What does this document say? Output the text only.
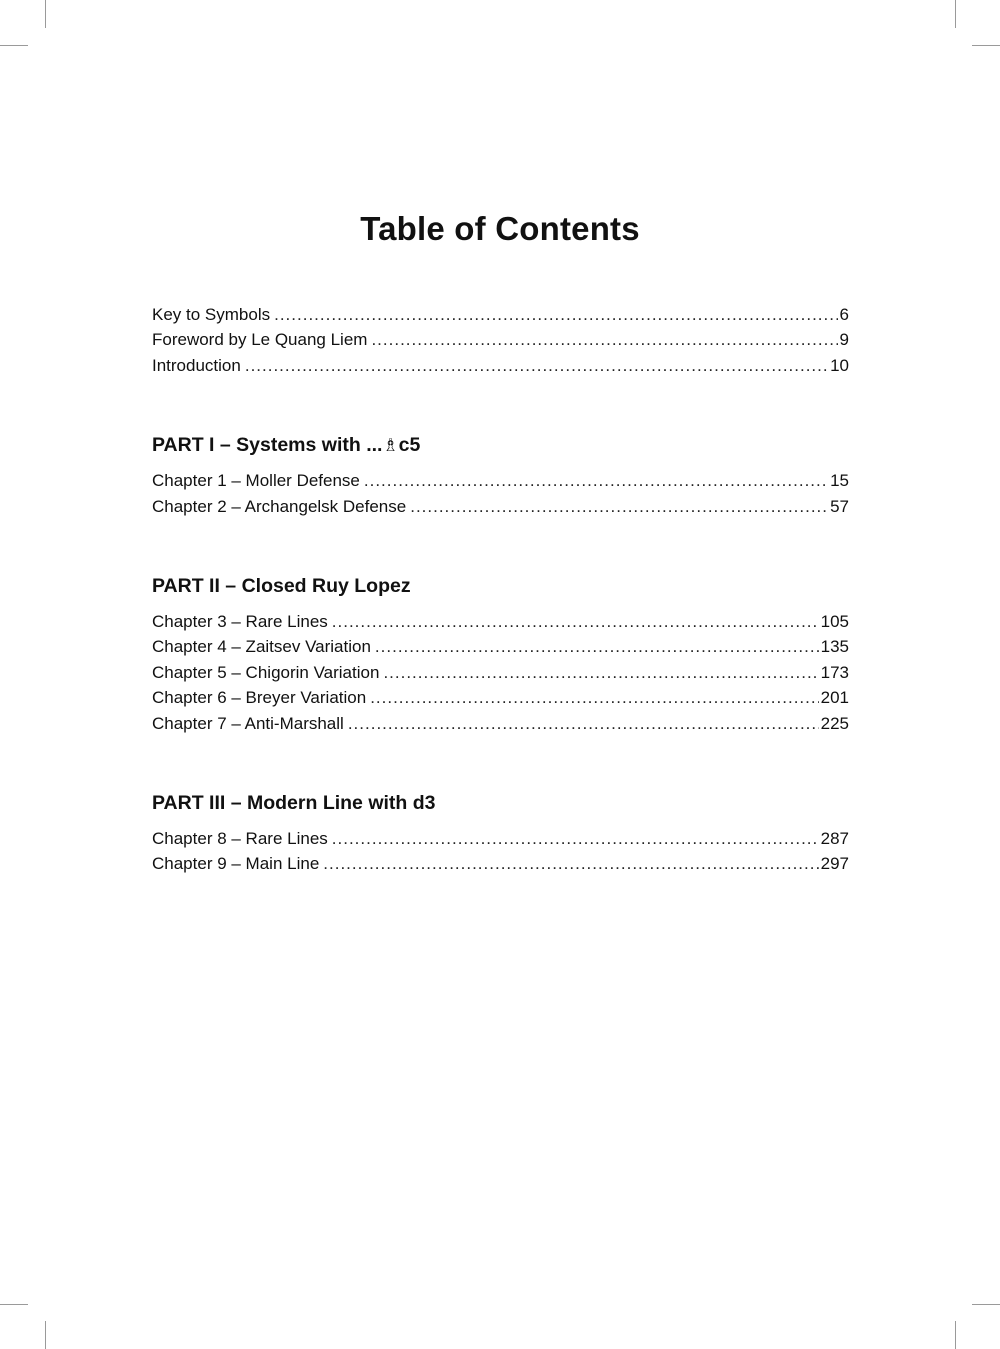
Table of Contents
Key to Symbols .....	6
Foreword by Le Quang Liem .....	9
Introduction .....	10
PART I – Systems with ...♗c5
Chapter 1 – Moller Defense .....	15
Chapter 2 – Archangelsk Defense .....	57
PART II – Closed Ruy Lopez
Chapter 3 – Rare Lines .....	105
Chapter 4 – Zaitsev Variation .....	135
Chapter 5 – Chigorin Variation .....	173
Chapter 6 – Breyer Variation .....	201
Chapter 7 – Anti-Marshall .....	225
PART III – Modern Line with d3
Chapter 8 – Rare Lines .....	287
Chapter 9 – Main Line .....	297
